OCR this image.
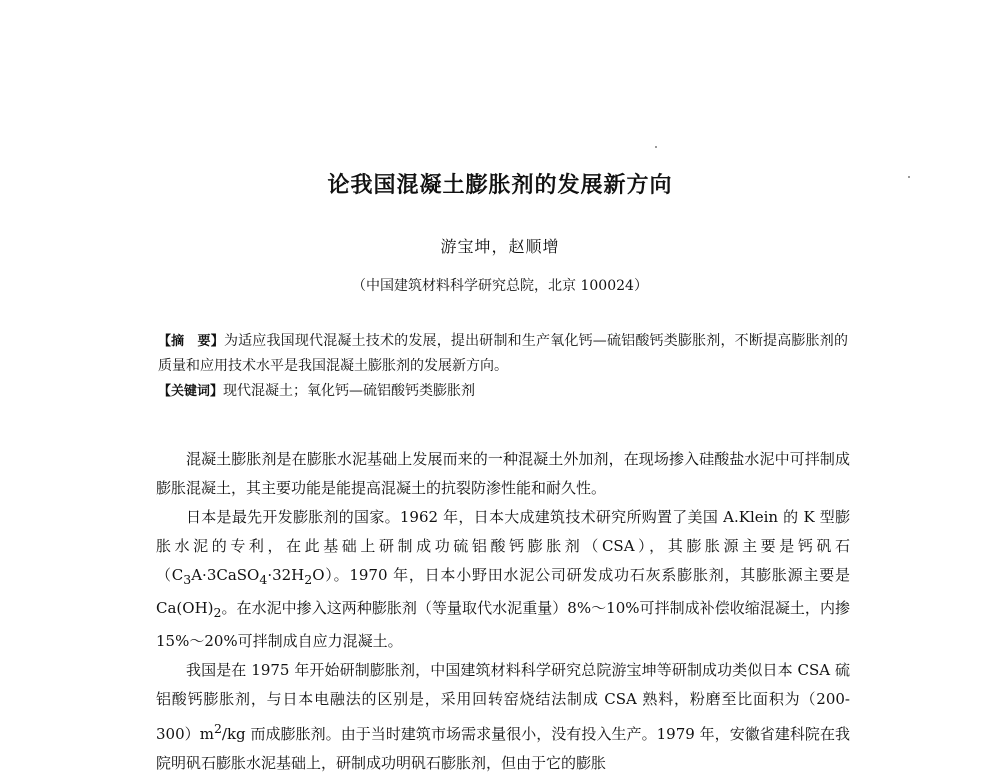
论我国混凝土膨胀剂的发展新方向
游宝坤，赵顺增
（中国建筑材料科学研究总院，北京 100024）

【摘　要】为适应我国现代混凝土技术的发展，提出研制和生产氧化钙—硫铝酸钙类膨胀剂，不断提高膨胀剂的质量和应用技术水平是我国混凝土膨胀剂的发展新方向。

【关键词】现代混凝土；氧化钙—硫铝酸钙类膨胀剂

混凝土膨胀剂是在膨胀水泥基础上发展而来的一种混凝土外加剂，在现场掺入硅酸盐水泥中可拌制成膨胀混凝土，其主要功能是能提高混凝土的抗裂防渗性能和耐久性。

日本是最先开发膨胀剂的国家。1962 年，日本大成建筑技术研究所购置了美国 A.Klein 的 K 型膨胀水泥的专利，在此基础上研制成功硫铝酸钙膨胀剂（CSA），其膨胀源主要是钙矾石$(C_3A\cdot 3CaSO_4\cdot 32H_2O)$。1970 年，日本小野田水泥公司研发成功石灰系膨胀剂，其膨胀源主要是 $Ca(OH)_2$。在水泥中掺入这两种膨胀剂（等量取代水泥重量）8%～10%可拌制成补偿收缩混凝土，内掺 15%～20%可拌制成自应力混凝土。

我国是在 1975 年开始研制膨胀剂，中国建筑材料科学研究总院游宝坤等研制成功类似日本 CSA 硫铝酸钙膨胀剂，与日本电融法的区别是，采用回转窑烧结法制成 CSA 熟料，粉磨至比面积为$(200-300)m^2/kg$ 而成膨胀剂。由于当时建筑市场需求量很小，没有投入生产。1979 年，安徽省建科院在我院明矾石膨胀水泥基础上，研制成功明矾石膨胀剂，但由于它的膨胀
